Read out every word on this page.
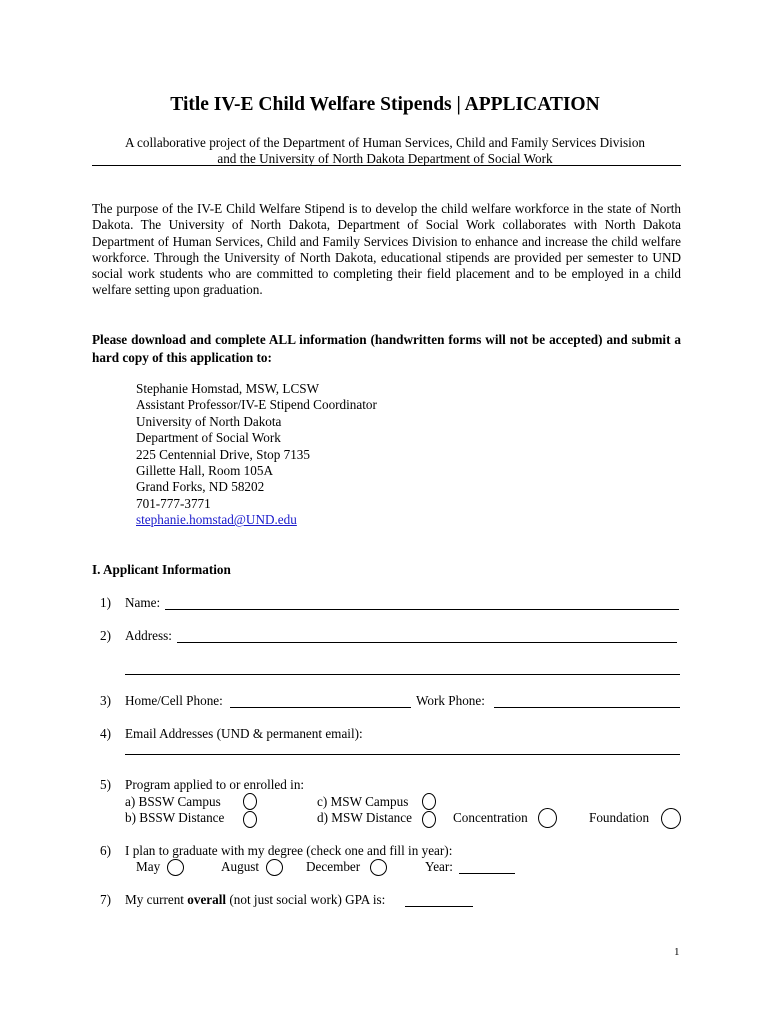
Title IV-E Child Welfare Stipends | APPLICATION
A collaborative project of the Department of Human Services, Child and Family Services Division
and the University of North Dakota Department of Social Work
The purpose of the IV-E Child Welfare Stipend is to develop the child welfare workforce in the state of North Dakota. The University of North Dakota, Department of Social Work collaborates with North Dakota Department of Human Services, Child and Family Services Division to enhance and increase the child welfare workforce. Through the University of North Dakota, educational stipends are provided per semester to UND social work students who are committed to completing their field placement and to be employed in a child welfare setting upon graduation.
Please download and complete ALL information (handwritten forms will not be accepted) and submit a hard copy of this application to:
Stephanie Homstad, MSW, LCSW
Assistant Professor/IV-E Stipend Coordinator
University of North Dakota
Department of Social Work
225 Centennial Drive, Stop 7135
Gillette Hall, Room 105A
Grand Forks, ND 58202
701-777-3771
stephanie.homstad@UND.edu
I. Applicant Information
1) Name:
2) Address:
3) Home/Cell Phone:	Work Phone:
4) Email Addresses (UND & permanent email):
5) Program applied to or enrolled in:
a) BSSW Campus	c) MSW Campus
b) BSSW Distance	d) MSW Distance	Concentration	Foundation
6) I plan to graduate with my degree (check one and fill in year):
May	August	December	Year:
7) My current overall (not just social work) GPA is:
1
